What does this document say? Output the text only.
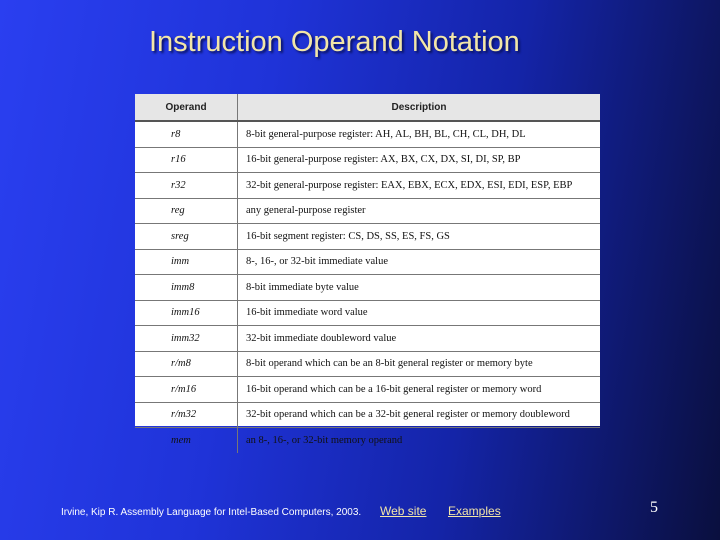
Instruction Operand Notation
Operand	Description
r8	8-bit general-purpose register: AH, AL, BH, BL, CH, CL, DH, DL
r16	16-bit general-purpose register: AX, BX, CX, DX, SI, DI, SP, BP
r32	32-bit general-purpose register: EAX, EBX, ECX, EDX, ESI, EDI, ESP, EBP
reg	any general-purpose register
sreg	16-bit segment register: CS, DS, SS, ES, FS, GS
imm	8-, 16-, or 32-bit immediate value
imm8	8-bit immediate byte value
imm16	16-bit immediate word value
imm32	32-bit immediate doubleword value
r/m8	8-bit operand which can be an 8-bit general register or memory byte
r/m16	16-bit operand which can be a 16-bit general register or memory word
r/m32	32-bit operand which can be a 32-bit general register or memory doubleword
mem	an 8-, 16-, or 32-bit memory operand
Irvine, Kip R. Assembly Language for Intel-Based Computers, 2003. Web site Examples	5
